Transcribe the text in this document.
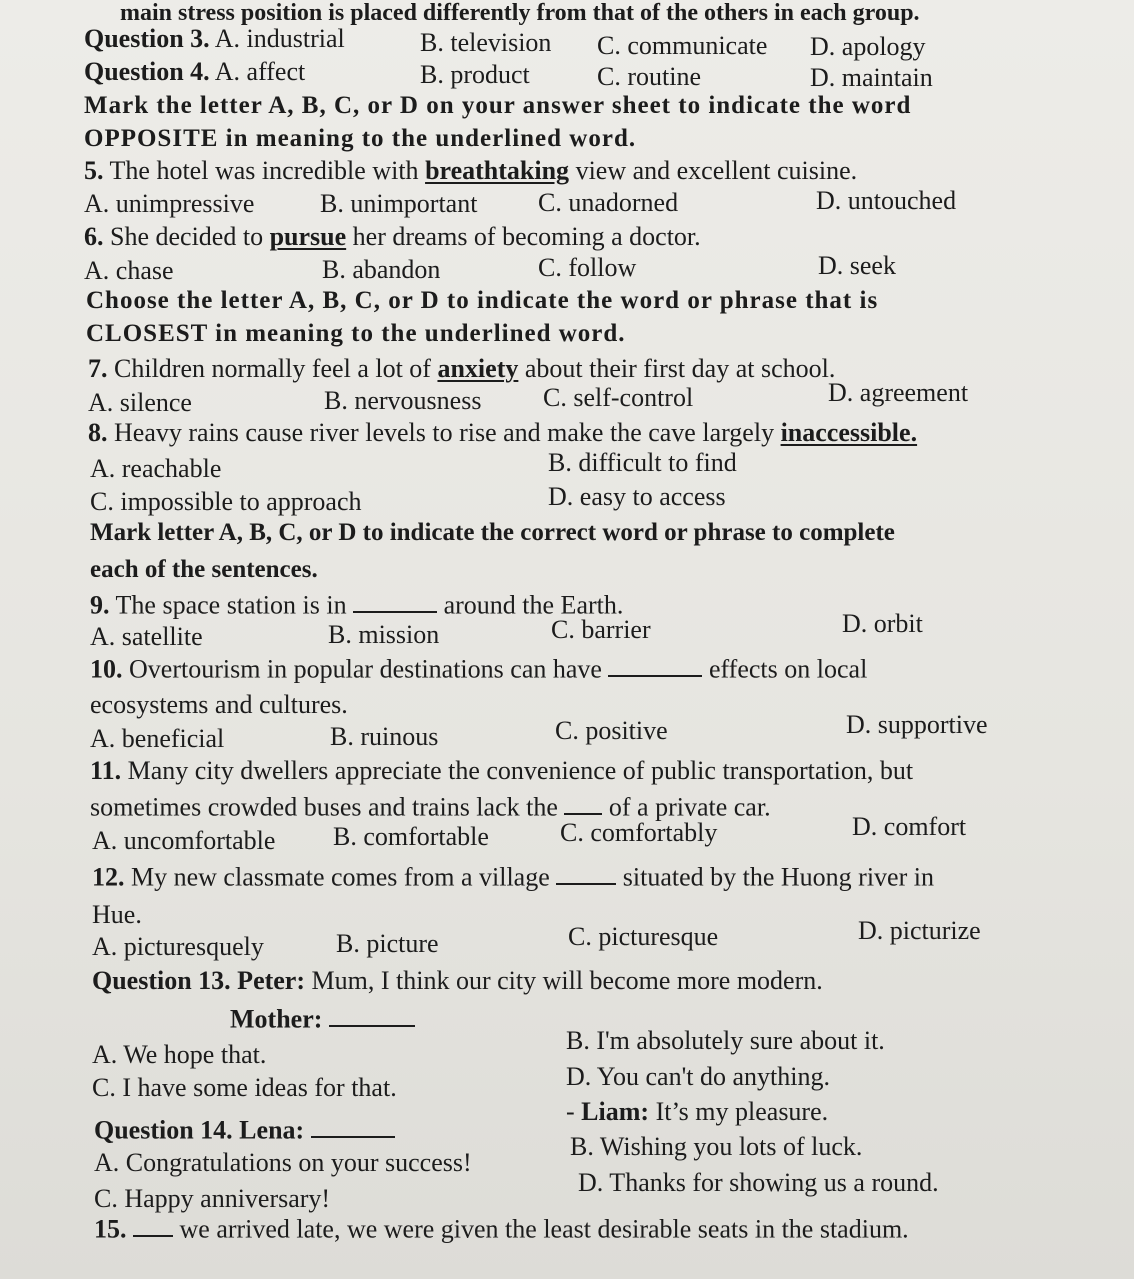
main stress position is placed differently from that of the others in each group.
Question 3. A. industrial	B. television C. communicate D. apology
Question 4. A. affect	B. product	C. routine	D. maintain
Mark the letter A, B, C, or D on your answer sheet to indicate the word
OPPOSITE in meaning to the underlined word.
5. The hotel was incredible with breathtaking view and excellent cuisine.
A. unimpressive	B. unimportant C. unadorned	D. untouched
6. She decided to pursue her dreams of becoming a doctor.
A. chase	B. abandon	C. follow	D. seek
Choose the letter A, B, C, or D to indicate the word or phrase that is
CLOSEST in meaning to the underlined word.
7. Children normally feel a lot of anxiety about their first day at school.
A. silence	B. nervousness C. self-control	D. agreement
8. Heavy rains cause river levels to rise and make the cave largely inaccessible.
A. reachable	B. difficult to find
C. impossible to approach	D. easy to access
Mark letter A, B, C, or D to indicate the correct word or phrase to complete
each of the sentences.
9. The space station is in	around the Earth.
A. satellite	B. mission	C. barrier	D. orbit
10. Overtourism in popular destinations can have	effects on local
ecosystems and cultures.
A. beneficial	B. ruinous	C. positive	D. supportive
11. Many city dwellers appreciate the convenience of public transportation, but
sometimes crowded buses and trains lack the of a private car.
A. uncomfortable B. comfortable	C. comfortably	D. comfort
12. My new classmate comes from a village	situated by the Huong river in
Hue.
A. picturesquely	B. picture	C. picturesque	D. picturize
Question 13. Peter: Mum, I think our city will become more modern.
Mother:
A. We hope that.	B. I'm absolutely sure about it.
C. I have some ideas for that.	D. You can't do anything.
Question 14. Lena:
- Liam: It’s my pleasure.
A. Congratulations on your success!
B. Wishing you lots of luck.
C. Happy anniversary!
D. Thanks for showing us a round.
15. we arrived late, we were given the least desirable seats in the stadium.
